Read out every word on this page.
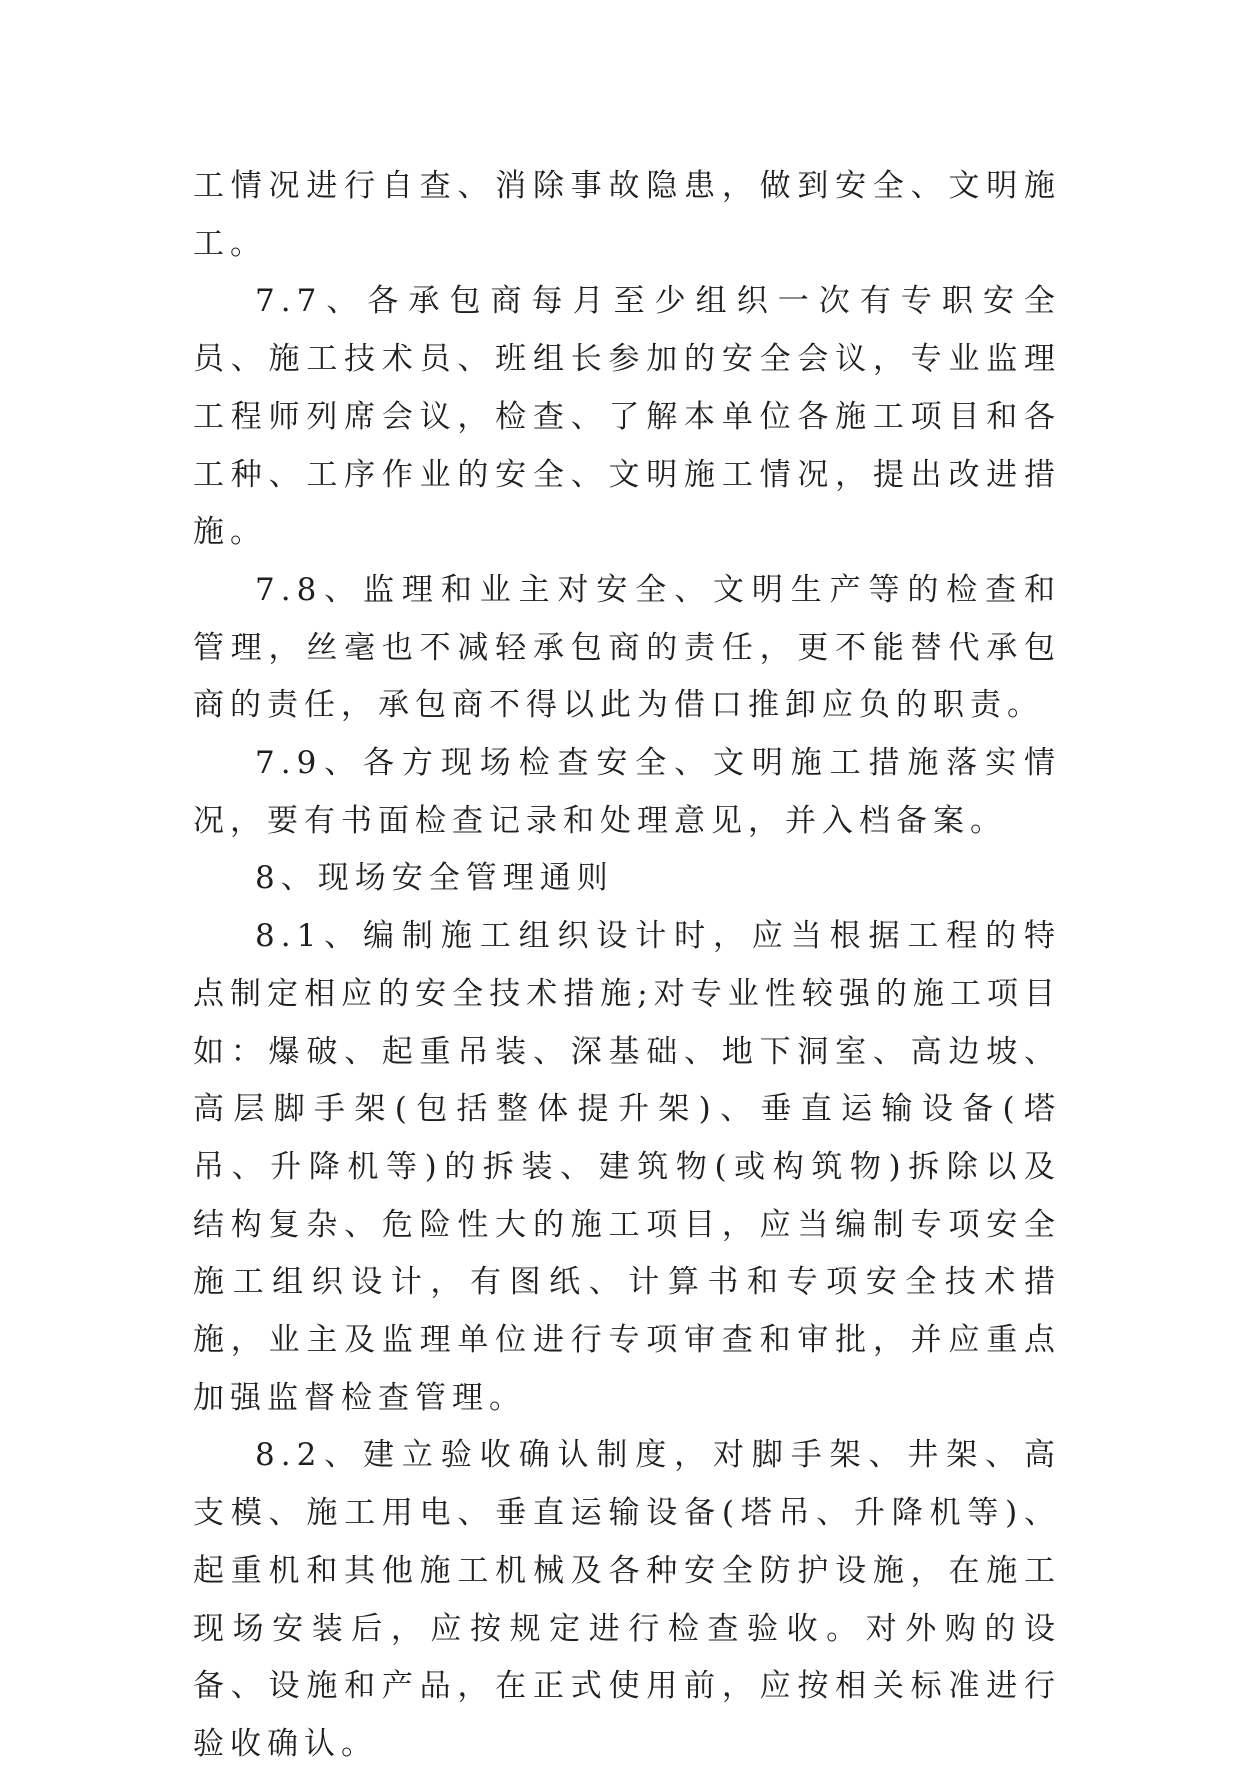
工情况进行自查、消除事故隐患，做到安全、文明施工。

7.7、各承包商每月至少组织一次有专职安全员、施工技术员、班组长参加的安全会议，专业监理工程师列席会议，检查、了解本单位各施工项目和各工种、工序作业的安全、文明施工情况，提出改进措施。

7.8、监理和业主对安全、文明生产等的检查和管理，丝毫也不减轻承包商的责任，更不能替代承包商的责任，承包商不得以此为借口推卸应负的职责。

7.9、各方现场检查安全、文明施工措施落实情况，要有书面检查记录和处理意见，并入档备案。

8、现场安全管理通则

8.1、编制施工组织设计时，应当根据工程的特点制定相应的安全技术措施;对专业性较强的施工项目如：爆破、起重吊装、深基础、地下洞室、高边坡、高层脚手架(包括整体提升架)、垂直运输设备(塔吊、升降机等)的拆装、建筑物(或构筑物)拆除以及结构复杂、危险性大的施工项目，应当编制专项安全施工组织设计，有图纸、计算书和专项安全技术措施，业主及监理单位进行专项审查和审批，并应重点加强监督检查管理。

8.2、建立验收确认制度，对脚手架、井架、高支模、施工用电、垂直运输设备(塔吊、升降机等)、起重机和其他施工机械及各种安全防护设施，在施工现场安装后，应按规定进行检查验收。对外购的设备、设施和产品，在正式使用前，应按相关标准进行验收确认。
